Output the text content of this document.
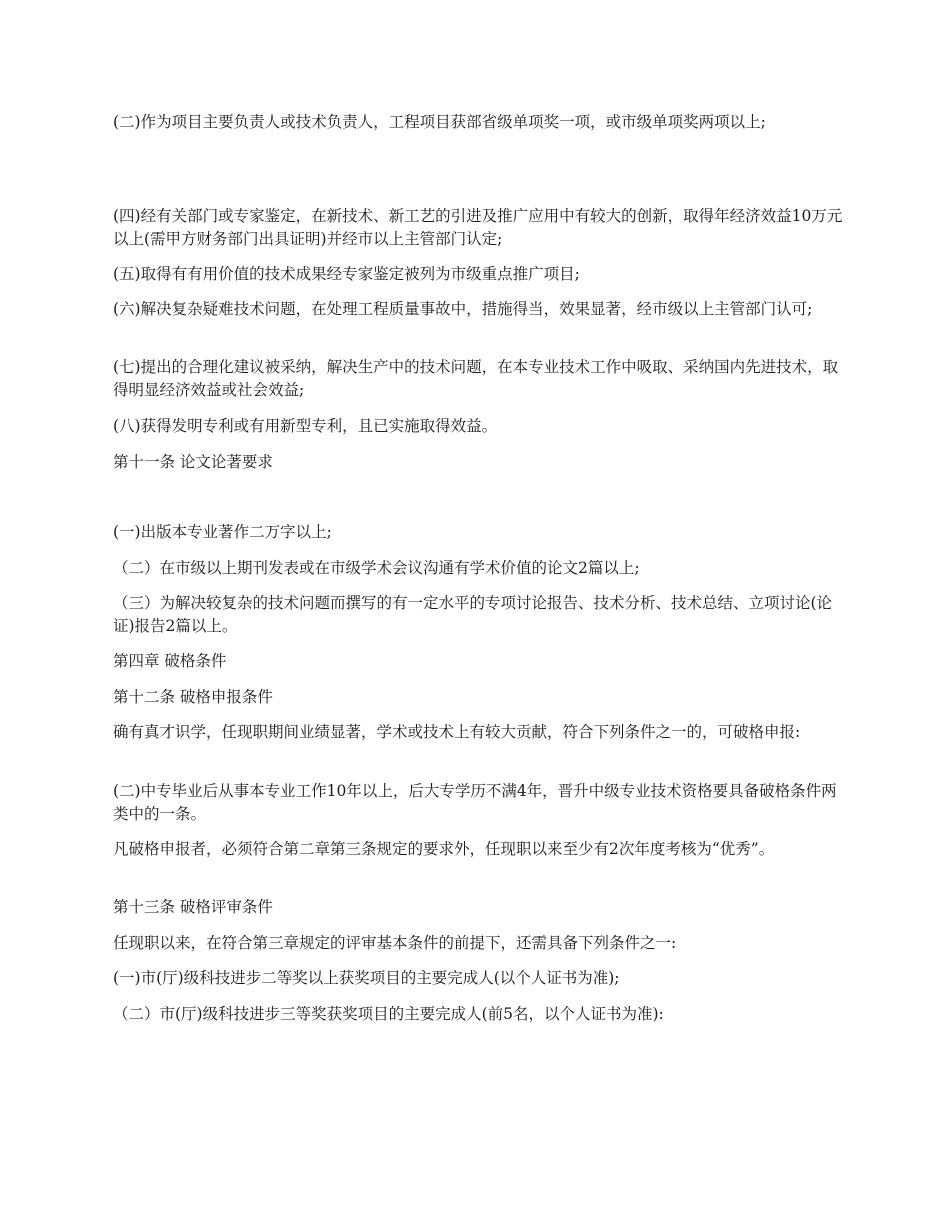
(二)作为项目主要负责人或技术负责人，工程项目获部省级单项奖一项，或市级单项奖两项以上;

(四)经有关部门或专家鉴定，在新技术、新工艺的引进及推广应用中有较大的创新，取得年经济效益10万元以上(需甲方财务部门出具证明)并经市以上主管部门认定;

(五)取得有有用价值的技术成果经专家鉴定被列为市级重点推广项目;

(六)解决复杂疑难技术问题，在处理工程质量事故中，措施得当，效果显著，经市级以上主管部门认可;

(七)提出的合理化建议被采纳，解决生产中的技术问题，在本专业技术工作中吸取、采纳国内先进技术，取得明显经济效益或社会效益;

(八)获得发明专利或有用新型专利，且已实施取得效益。

第十一条 论文论著要求

(一)出版本专业著作二万字以上;

（二）在市级以上期刊发表或在市级学术会议沟通有学术价值的论文2篇以上;

（三）为解决较复杂的技术问题而撰写的有一定水平的专项讨论报告、技术分析、技术总结、立项讨论(论证)报告2篇以上。

第四章 破格条件

第十二条 破格申报条件

确有真才识学，任现职期间业绩显著，学术或技术上有较大贡献，符合下列条件之一的，可破格申报:

(二)中专毕业后从事本专业工作10年以上，后大专学历不满4年，晋升中级专业技术资格要具备破格条件两类中的一条。

凡破格申报者，必须符合第二章第三条规定的要求外，任现职以来至少有2次年度考核为“优秀”。

第十三条 破格评审条件

任现职以来，在符合第三章规定的评审基本条件的前提下，还需具备下列条件之一:

(一)市(厅)级科技进步二等奖以上获奖项目的主要完成人(以个人证书为准);

（二）市(厅)级科技进步三等奖获奖项目的主要完成人(前5名，以个人证书为准):
